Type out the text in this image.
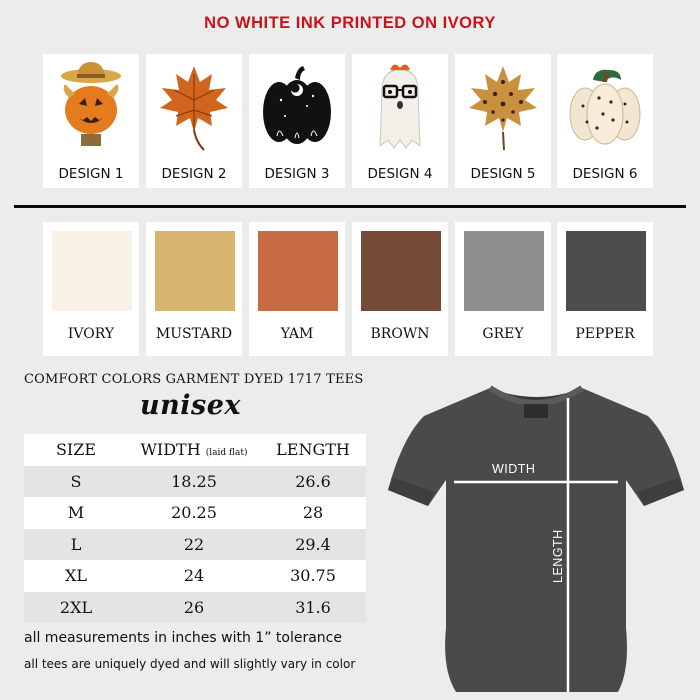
NO WHITE INK PRINTED ON IVORY
DESIGN 1	DESIGN 2	DESIGN 3	DESIGN 4	DESIGN 5	DESIGN 6
IVORY	MUSTARD	YAM	BROWN	GREY	PEPPER
COMFORT COLORS GARMENT DYED 1717 TEES
unisex
SIZE	WIDTH (laid flat)	LENGTH
S	18.25	26.6
M	20.25	28
L	22	29.4
XL	24	30.75
2XL	26	31.6
all measurements in inches with 1” tolerance
all tees are uniquely dyed and will slightly vary in color
WIDTH
LENGTH
